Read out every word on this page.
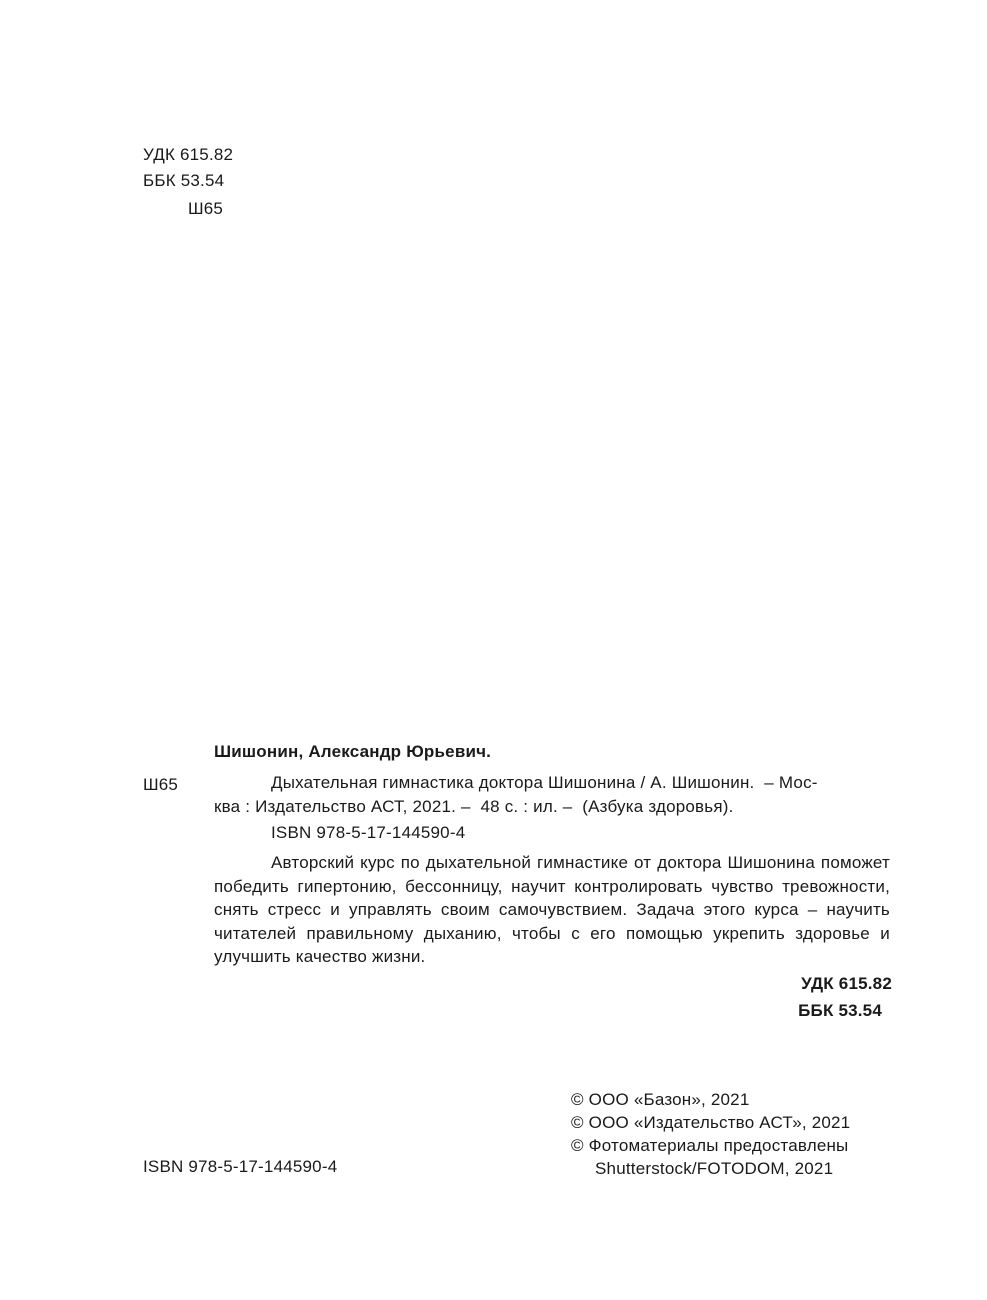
УДК 615.82
ББК 53.54
Ш65
Шишонин, Александр Юрьевич.
Ш65	Дыхательная гимнастика доктора Шишонина / А. Шишонин.  – Мос-
ква : Издательство АСТ, 2021. –  48 с. : ил. –  (Азбука здоровья).
ISBN 978-5-17-144590-4
Авторский курс по дыхательной гимнастике от доктора Шишонина поможет победить гипертонию, бессонницу, научит контролировать чувство тревожности, снять стресс и управлять своим самочувствием. Задача этого курса – научить читателей правильному дыханию, чтобы с его помощью укрепить здоровье и улучшить качество жизни.
УДК 615.82
ББК 53.54
© ООО «Базон», 2021
© ООО «Издательство АСТ», 2021
© Фотоматериалы предоставлены
Shutterstock/FOTODOM, 2021
ISBN 978-5-17-144590-4
